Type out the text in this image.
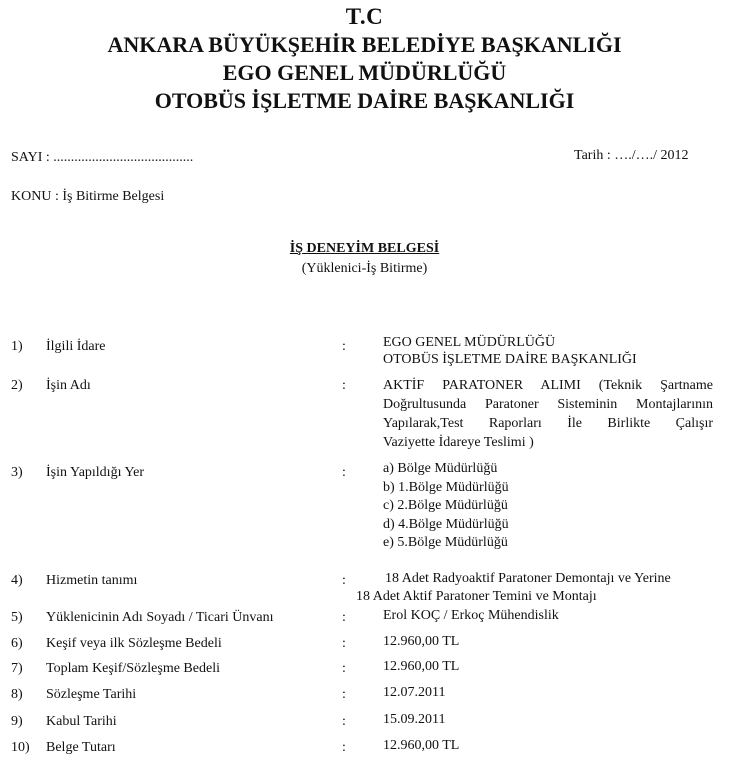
T.C
ANKARA BÜYÜKŞEHİR BELEDİYE BAŞKANLIĞI
EGO GENEL MÜDÜRLÜĞÜ
OTOBÜS İŞLETME DAİRE BAŞKANLIĞI
SAYI : ........................................	Tarih : …./…./ 2012
KONU : İş Bitirme Belgesi
İŞ DENEYİM BELGESİ
(Yüklenici-İş Bitirme)
1) İlgili İdare	:	EGO GENEL MÜDÜRLÜĞÜ
OTOBÜS İŞLETME DAİRE BAŞKANLIĞI
2) İşin Adı	:	AKTİF PARATONER ALIMI (Teknik Şartname
Doğrultusunda Paratoner Sisteminin Montajlarının
Yapılarak,Test Raporları İle Birlikte Çalışır
Vaziyette İdareye Teslimi )
3) İşin Yapıldığı Yer	:	a) Bölge Müdürlüğü
b) 1.Bölge Müdürlüğü
c) 2.Bölge Müdürlüğü
d) 4.Bölge Müdürlüğü
e) 5.Bölge Müdürlüğü
4) Hizmetin tanımı	:	18 Adet Radyoaktif Paratoner Demontajı ve Yerine
18 Adet Aktif Paratoner Temini ve Montajı
5) Yüklenicinin Adı Soyadı / Ticari Ünvanı	:	Erol KOÇ / Erkoç Mühendislik
6) Keşif veya ilk Sözleşme Bedeli	:	12.960,00 TL
7) Toplam Keşif/Sözleşme Bedeli	:	12.960,00 TL
8) Sözleşme Tarihi	:	12.07.2011
9) Kabul Tarihi	:	15.09.2011
10) Belge Tutarı	:	12.960,00 TL
